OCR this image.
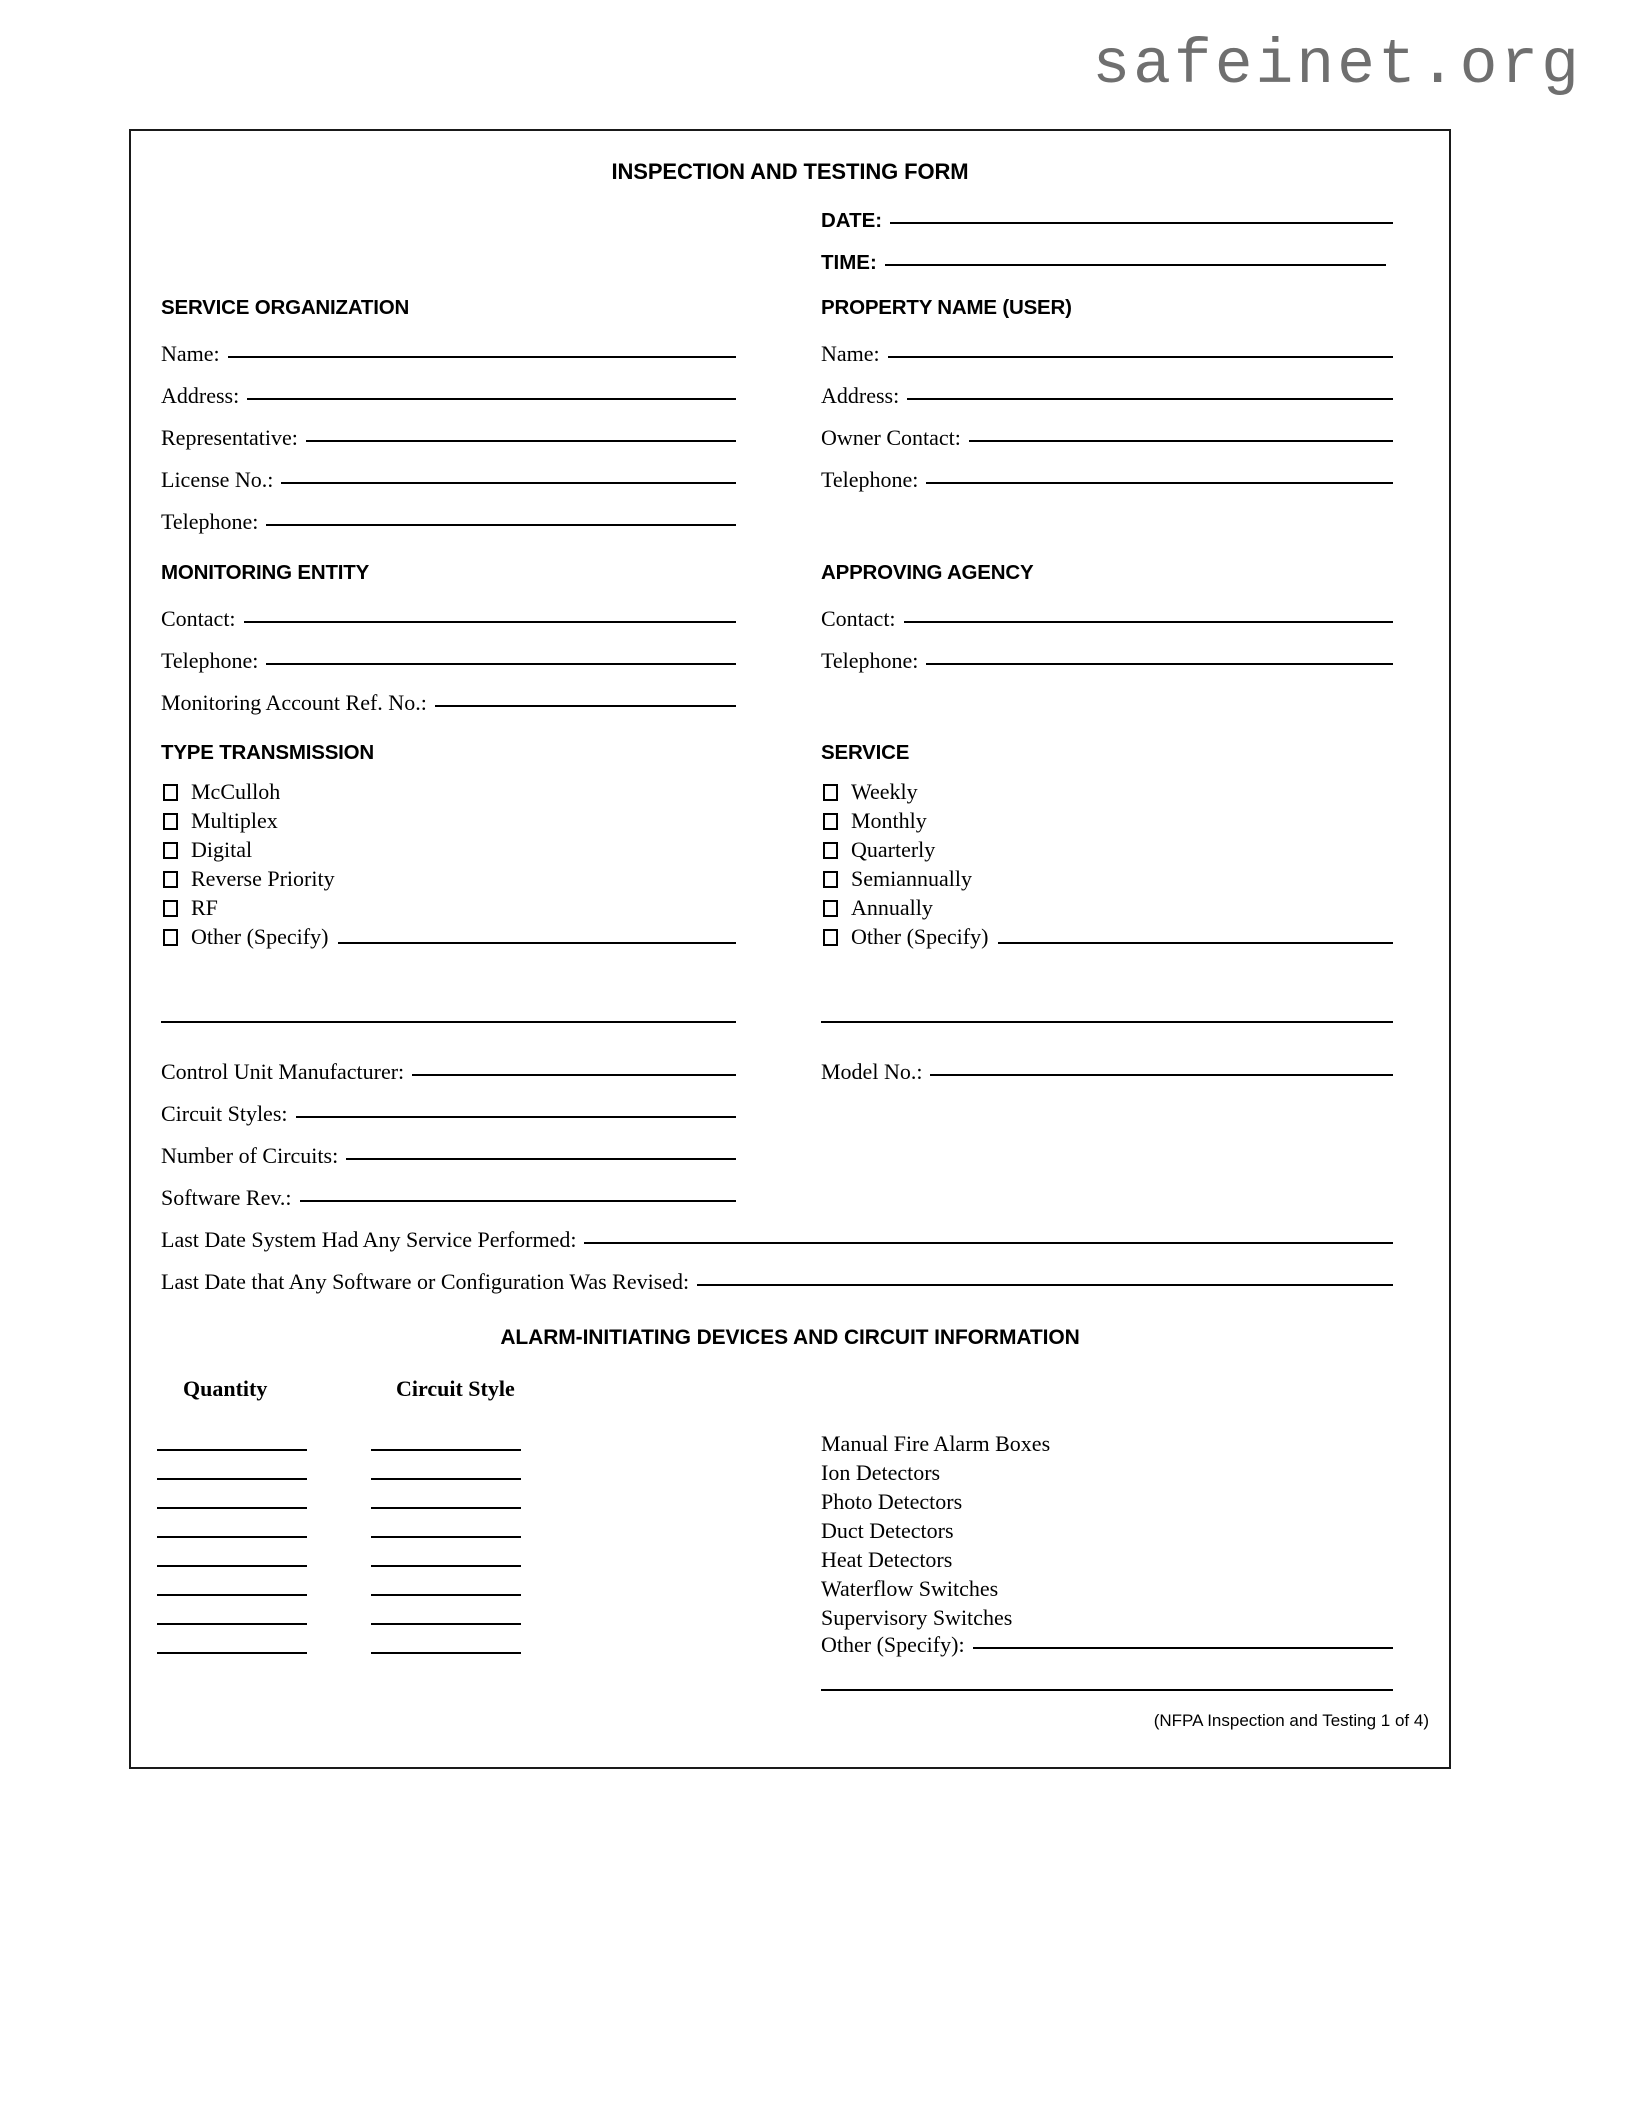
safeinet.org
INSPECTION AND TESTING FORM
DATE:
TIME:
SERVICE ORGANIZATION
Name:
Address:
Representative:
License No.:
Telephone:
PROPERTY NAME (USER)
Name:
Address:
Owner Contact:
Telephone:
MONITORING ENTITY
Contact:
Telephone:
Monitoring Account Ref. No.:
APPROVING AGENCY
Contact:
Telephone:
TYPE TRANSMISSION
McCulloh
Multiplex
Digital
Reverse Priority
RF
Other (Specify)
SERVICE
Weekly
Monthly
Quarterly
Semiannually
Annually
Other (Specify)
Control Unit Manufacturer:
Circuit Styles:
Number of Circuits:
Software Rev.:
Model No.:
Last Date System Had Any Service Performed:
Last Date that Any Software or Configuration Was Revised:
ALARM-INITIATING DEVICES AND CIRCUIT INFORMATION
Quantity	Circuit Style
Manual Fire Alarm Boxes
Ion Detectors
Photo Detectors
Duct Detectors
Heat Detectors
Waterflow Switches
Supervisory Switches
Other (Specify):
(NFPA Inspection and Testing 1 of 4)
